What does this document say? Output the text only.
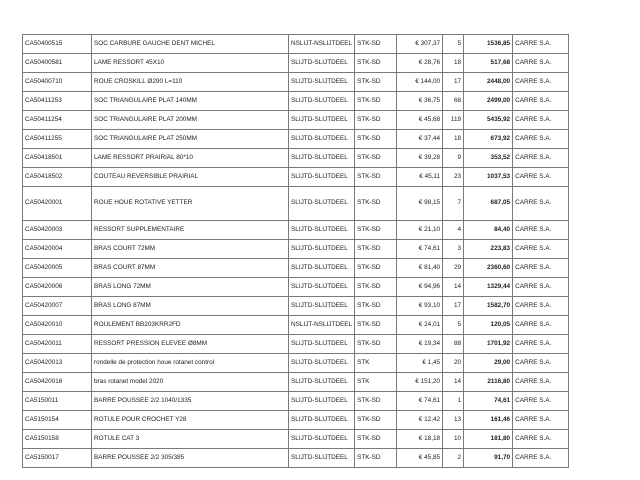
CA50400515	SOC CARBURE GAUCHE DENT MICHEL	NSLIJT-NSLIJTDEEL	STK-SD	€ 307,37	5	1536,85	CARRE S.A.
CA50400581	LAME RESSORT 45X10	SLIJTD-SLIJTDEEL	STK-SD	€ 28,76	18	517,68	CARRE S.A.
CA50400710	ROUE CROSKILL Ø290 L=110	SLIJTD-SLIJTDEEL	STK-SD	€ 144,00	17	2448,00	CARRE S.A.
CA50411253	SOC TRIANGULAIRE PLAT 140MM	SLIJTD-SLIJTDEEL	STK-SD	€ 36,75	68	2499,00	CARRE S.A.
CA50411254	SOC TRIANGULAIRE PLAT 200MM	SLIJTD-SLIJTDEEL	STK-SD	€ 45,68	119	5435,92	CARRE S.A.
CA50411255	SOC TRIANGULAIRE PLAT 250MM	SLIJTD-SLIJTDEEL	STK-SD	€ 37,44	18	673,92	CARRE S.A.
CA50418501	LAME RESSORT PRAIRIAL 80*10	SLIJTD-SLIJTDEEL	STK-SD	€ 39,28	9	353,52	CARRE S.A.
CA50418502	COUTEAU REVERSIBLE PRAIRIAL	SLIJTD-SLIJTDEEL	STK-SD	€ 45,11	23	1037,53	CARRE S.A.
CA50420001	ROUE HOUE ROTATIVE YETTER	SLIJTD-SLIJTDEEL	STK-SD	€ 98,15	7	687,05	CARRE S.A.
CA50420003	RESSORT SUPPLEMENTAIRE	SLIJTD-SLIJTDEEL	STK-SD	€ 21,10	4	84,40	CARRE S.A.
CA50420004	BRAS COURT 72MM	SLIJTD-SLIJTDEEL	STK-SD	€ 74,61	3	223,83	CARRE S.A.
CA50420005	BRAS COURT 87MM	SLIJTD-SLIJTDEEL	STK-SD	€ 81,40	29	2360,60	CARRE S.A.
CA50420006	BRAS LONG 72MM	SLIJTD-SLIJTDEEL	STK-SD	€ 94,96	14	1329,44	CARRE S.A.
CA50420007	BRAS LONG 87MM	SLIJTD-SLIJTDEEL	STK-SD	€ 93,10	17	1582,70	CARRE S.A.
CA50420010	ROULEMENT BB203KRR2FD	NSLIJT-NSLIJTDEEL	STK-SD	€ 24,01	5	120,05	CARRE S.A.
CA50420011	RESSORT PRESSION ELEVEE Ø8MM	SLIJTD-SLIJTDEEL	STK-SD	€ 19,34	88	1701,92	CARRE S.A.
CA50420013	rondelle de protection houe rotanet control	SLIJTD-SLIJTDEEL	STK	€ 1,45	20	29,00	CARRE S.A.
CA50420016	bras rotanet model 2020	SLIJTD-SLIJTDEEL	STK	€ 151,20	14	2116,80	CARRE S.A.
CA5150011	BARRE POUSSEE 2/2 1040/1335	SLIJTD-SLIJTDEEL	STK-SD	€ 74,61	1	74,61	CARRE S.A.
CA5150154	ROTULE POUR CROCHET Y28	SLIJTD-SLIJTDEEL	STK-SD	€ 12,42	13	161,46	CARRE S.A.
CA5150158	ROTULE CAT 3	SLIJTD-SLIJTDEEL	STK-SD	€ 18,18	10	181,80	CARRE S.A.
CA5150017	BARRE POUSSEE 2/2 305/385	SLIJTD-SLIJTDEEL	STK-SD	€ 45,85	2	91,70	CARRE S.A.
